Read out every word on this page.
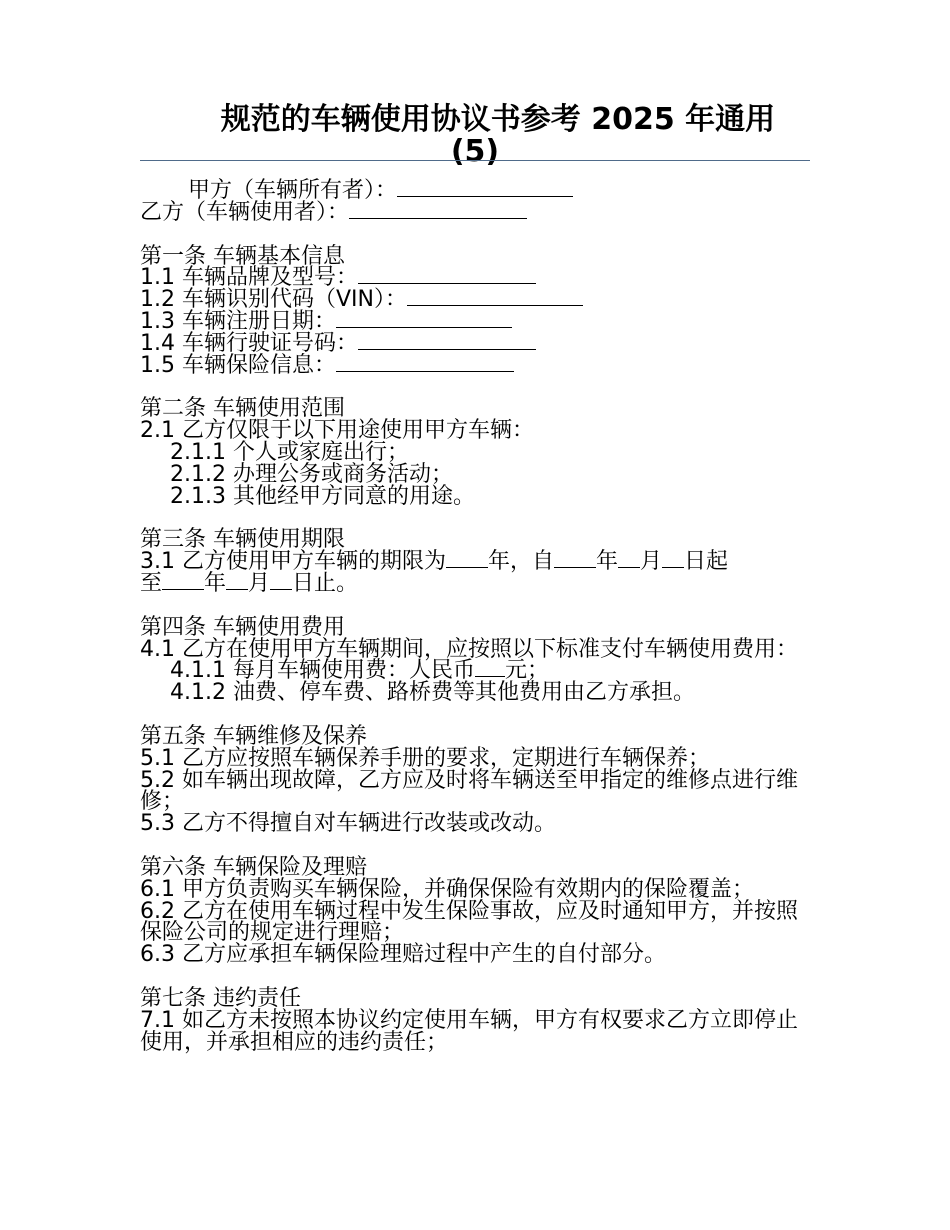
规范的车辆使用协议书参考 2025 年通用
(5)
甲方（车辆所有者）：
乙方（车辆使用者）：
第一条 车辆基本信息
1.1 车辆品牌及型号：
1.2 车辆识别代码（VIN）：
1.3 车辆注册日期：
1.4 车辆行驶证号码：
1.5 车辆保险信息：
第二条 车辆使用范围
2.1 乙方仅限于以下用途使用甲方车辆：
2.1.1 个人或家庭出行；
2.1.2 办理公务或商务活动；
2.1.3 其他经甲方同意的用途。
第三条 车辆使用期限
3.1 乙方使用甲方车辆的期限为 年，自 年 月 日起
至 年 月 日止。
第四条 车辆使用费用
4.1 乙方在使用甲方车辆期间，应按照以下标准支付车辆使用费用：
4.1.1 每月车辆使用费：人民币 元；
4.1.2 油费、停车费、路桥费等其他费用由乙方承担。
第五条 车辆维修及保养
5.1 乙方应按照车辆保养手册的要求，定期进行车辆保养；
5.2 如车辆出现故障，乙方应及时将车辆送至甲指定的维修点进行维修；
5.3 乙方不得擅自对车辆进行改装或改动。
第六条 车辆保险及理赔
6.1 甲方负责购买车辆保险，并确保保险有效期内的保险覆盖；
6.2 乙方在使用车辆过程中发生保险事故，应及时通知甲方，并按照保险公司的规定进行理赔；
6.3 乙方应承担车辆保险理赔过程中产生的自付部分。
第七条 违约责任
7.1 如乙方未按照本协议约定使用车辆，甲方有权要求乙方立即停止使用，并承担相应的违约责任；
